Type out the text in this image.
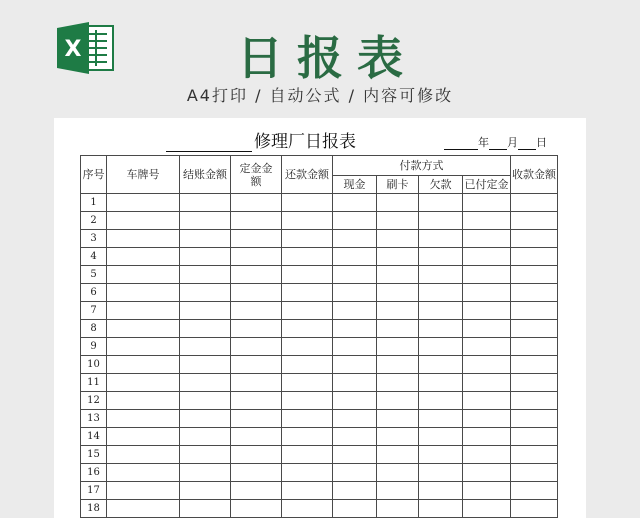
X	日报表
A4打印 / 自动公式 / 内容可修改
修理厂日报表	年 月 日
序号	车牌号	结账金额	定金金额	还款金额	付款方式				收款金额
					现金	刷卡	欠款	已付定金	
1									
2									
3									
4									
5									
6									
7									
8									
9									
10									
11									
12									
13									
14									
15									
16									
17									
18									
